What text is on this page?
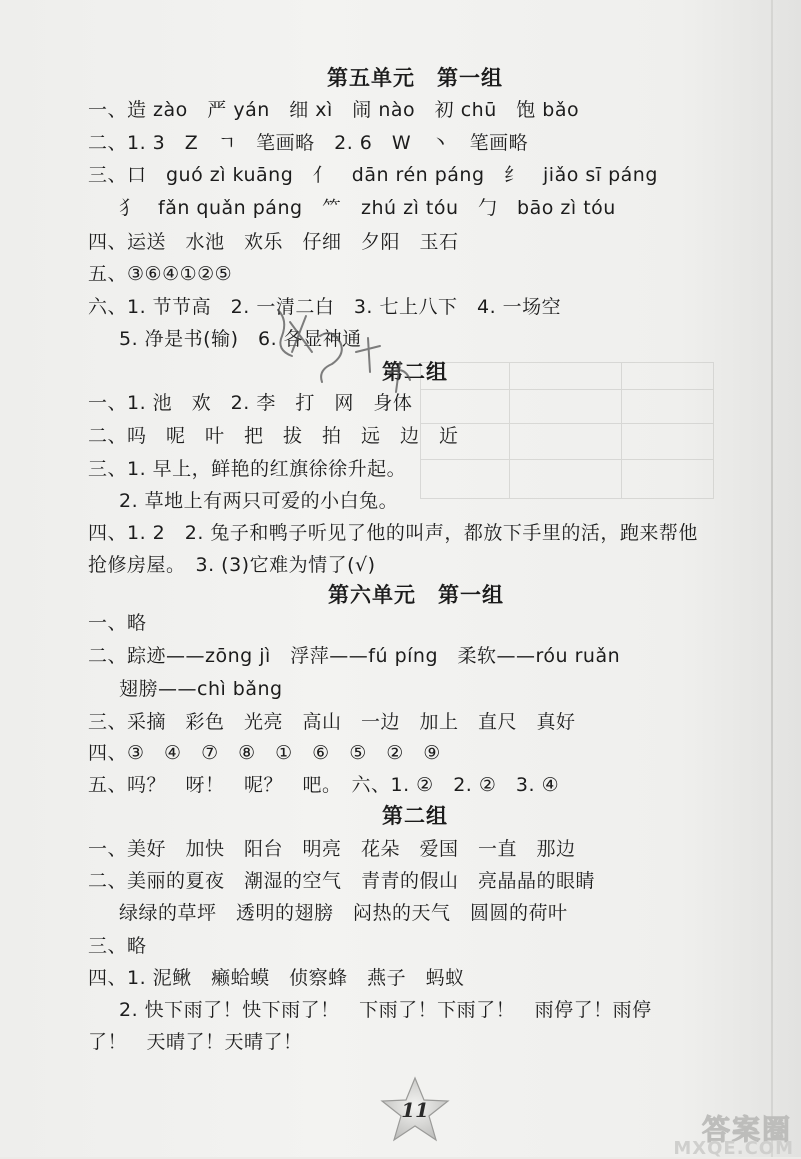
第五单元　第一组
一、造 zào　严 yán　细 xì　闹 nào　初 chū　饱 bǎo
二、1. 3　Z　ㄱ　笔画略　2. 6　W　丶　笔画略
三、口　guó zì kuāng　亻　dān rén páng　纟　jiǎo sī páng
犭　fǎn quǎn páng　⺮　zhú zì tóu　勹　bāo zì tóu
四、运送　水池　欢乐　仔细　夕阳　玉石
五、③⑥④①②⑤
六、1. 节节高　2. 一清二白　3. 七上八下　4. 一场空
5. 净是书(输)　6. 各显神通
第二组
一、1. 池　欢　2. 李　打　网　身体
二、吗　呢　叶　把　拔　拍　远　边　近
三、1. 早上，鲜艳的红旗徐徐升起。
2. 草地上有两只可爱的小白兔。
四、1. 2　2. 兔子和鸭子听见了他的叫声，都放下手里的活，跑来帮他
抢修房屋。　3. (3)它难为情了(√)
第六单元　第一组
一、略
二、踪迹——zōng jì　浮萍——fú píng　柔软——róu ruǎn
翅膀——chì bǎng
三、采摘　彩色　光亮　高山　一边　加上　直尺　真好
四、③　④　⑦　⑧　①　⑥　⑤　②　⑨
五、吗？　呀！　呢？　吧。　六、1. ②　2. ②　3. ④
第二组
一、美好　加快　阳台　明亮　花朵　爱国　一直　那边
二、美丽的夏夜　潮湿的空气　青青的假山　亮晶晶的眼睛
绿绿的草坪　透明的翅膀　闷热的天气　圆圆的荷叶
三、略
四、1. 泥鳅　癞蛤蟆　侦察蜂　燕子　蚂蚁
2. 快下雨了！快下雨了！　下雨了！下雨了！　雨停了！雨停
了！　天晴了！天晴了！
11
答案圈
MXQE.COM
